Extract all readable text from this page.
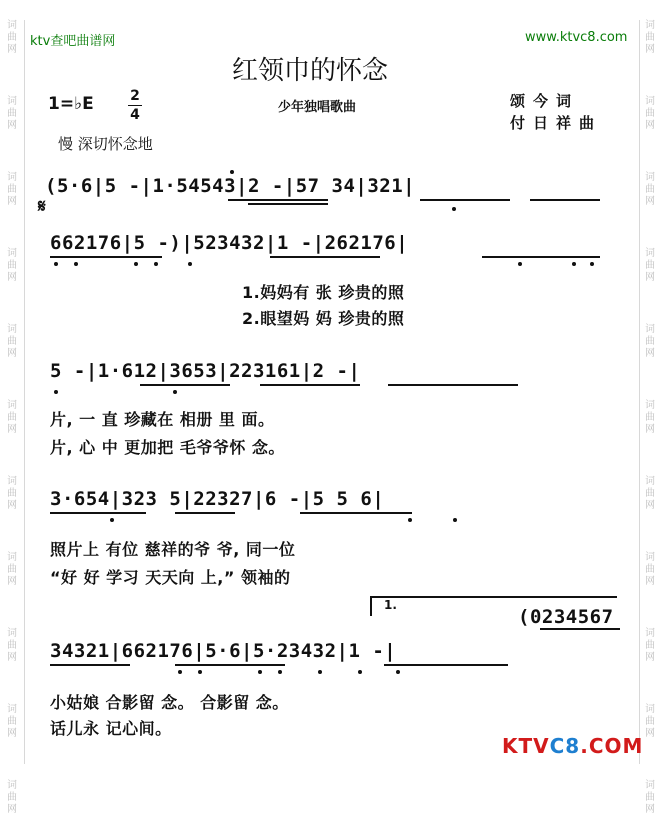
词曲网
词曲网
词曲网
词曲网
词曲网
词曲网
词曲网
词曲网
词曲网
词曲网
词曲网
词曲网
词曲网
词曲网
词曲网
词曲网
词曲网
词曲网
词曲网
词曲网
词曲网
词曲网
ktv查吧曲谱网	www.ktvc8.com
红领巾的怀念
1=♭E	2
4	少年独唱歌曲	颂今词
付日祥曲
慢 深切怀念地
(5·6|5 -|1·54543|2 -|57 34|321|
𝄋
662176|5 -)|523432|1 -|262176|
1.妈妈有 张 珍贵的照
2.眼望妈 妈 珍贵的照
5 -|1·612|3653|223161|2 -|
片, 一 直 珍藏在 相册 里 面。
片, 心 中 更加把 毛爷爷怀 念。
3·654|323 5|22327|6 -|5 5 6|
照片上 有位 慈祥的爷 爷, 同一位
“好 好 学习 天天向 上,” 领袖的
1.
(0234567
34321|662176|5·6|5·23432|1 -|
小姑娘 合影留 念。 合影留 念。
话儿永 记心间。
KTVC8.COM
